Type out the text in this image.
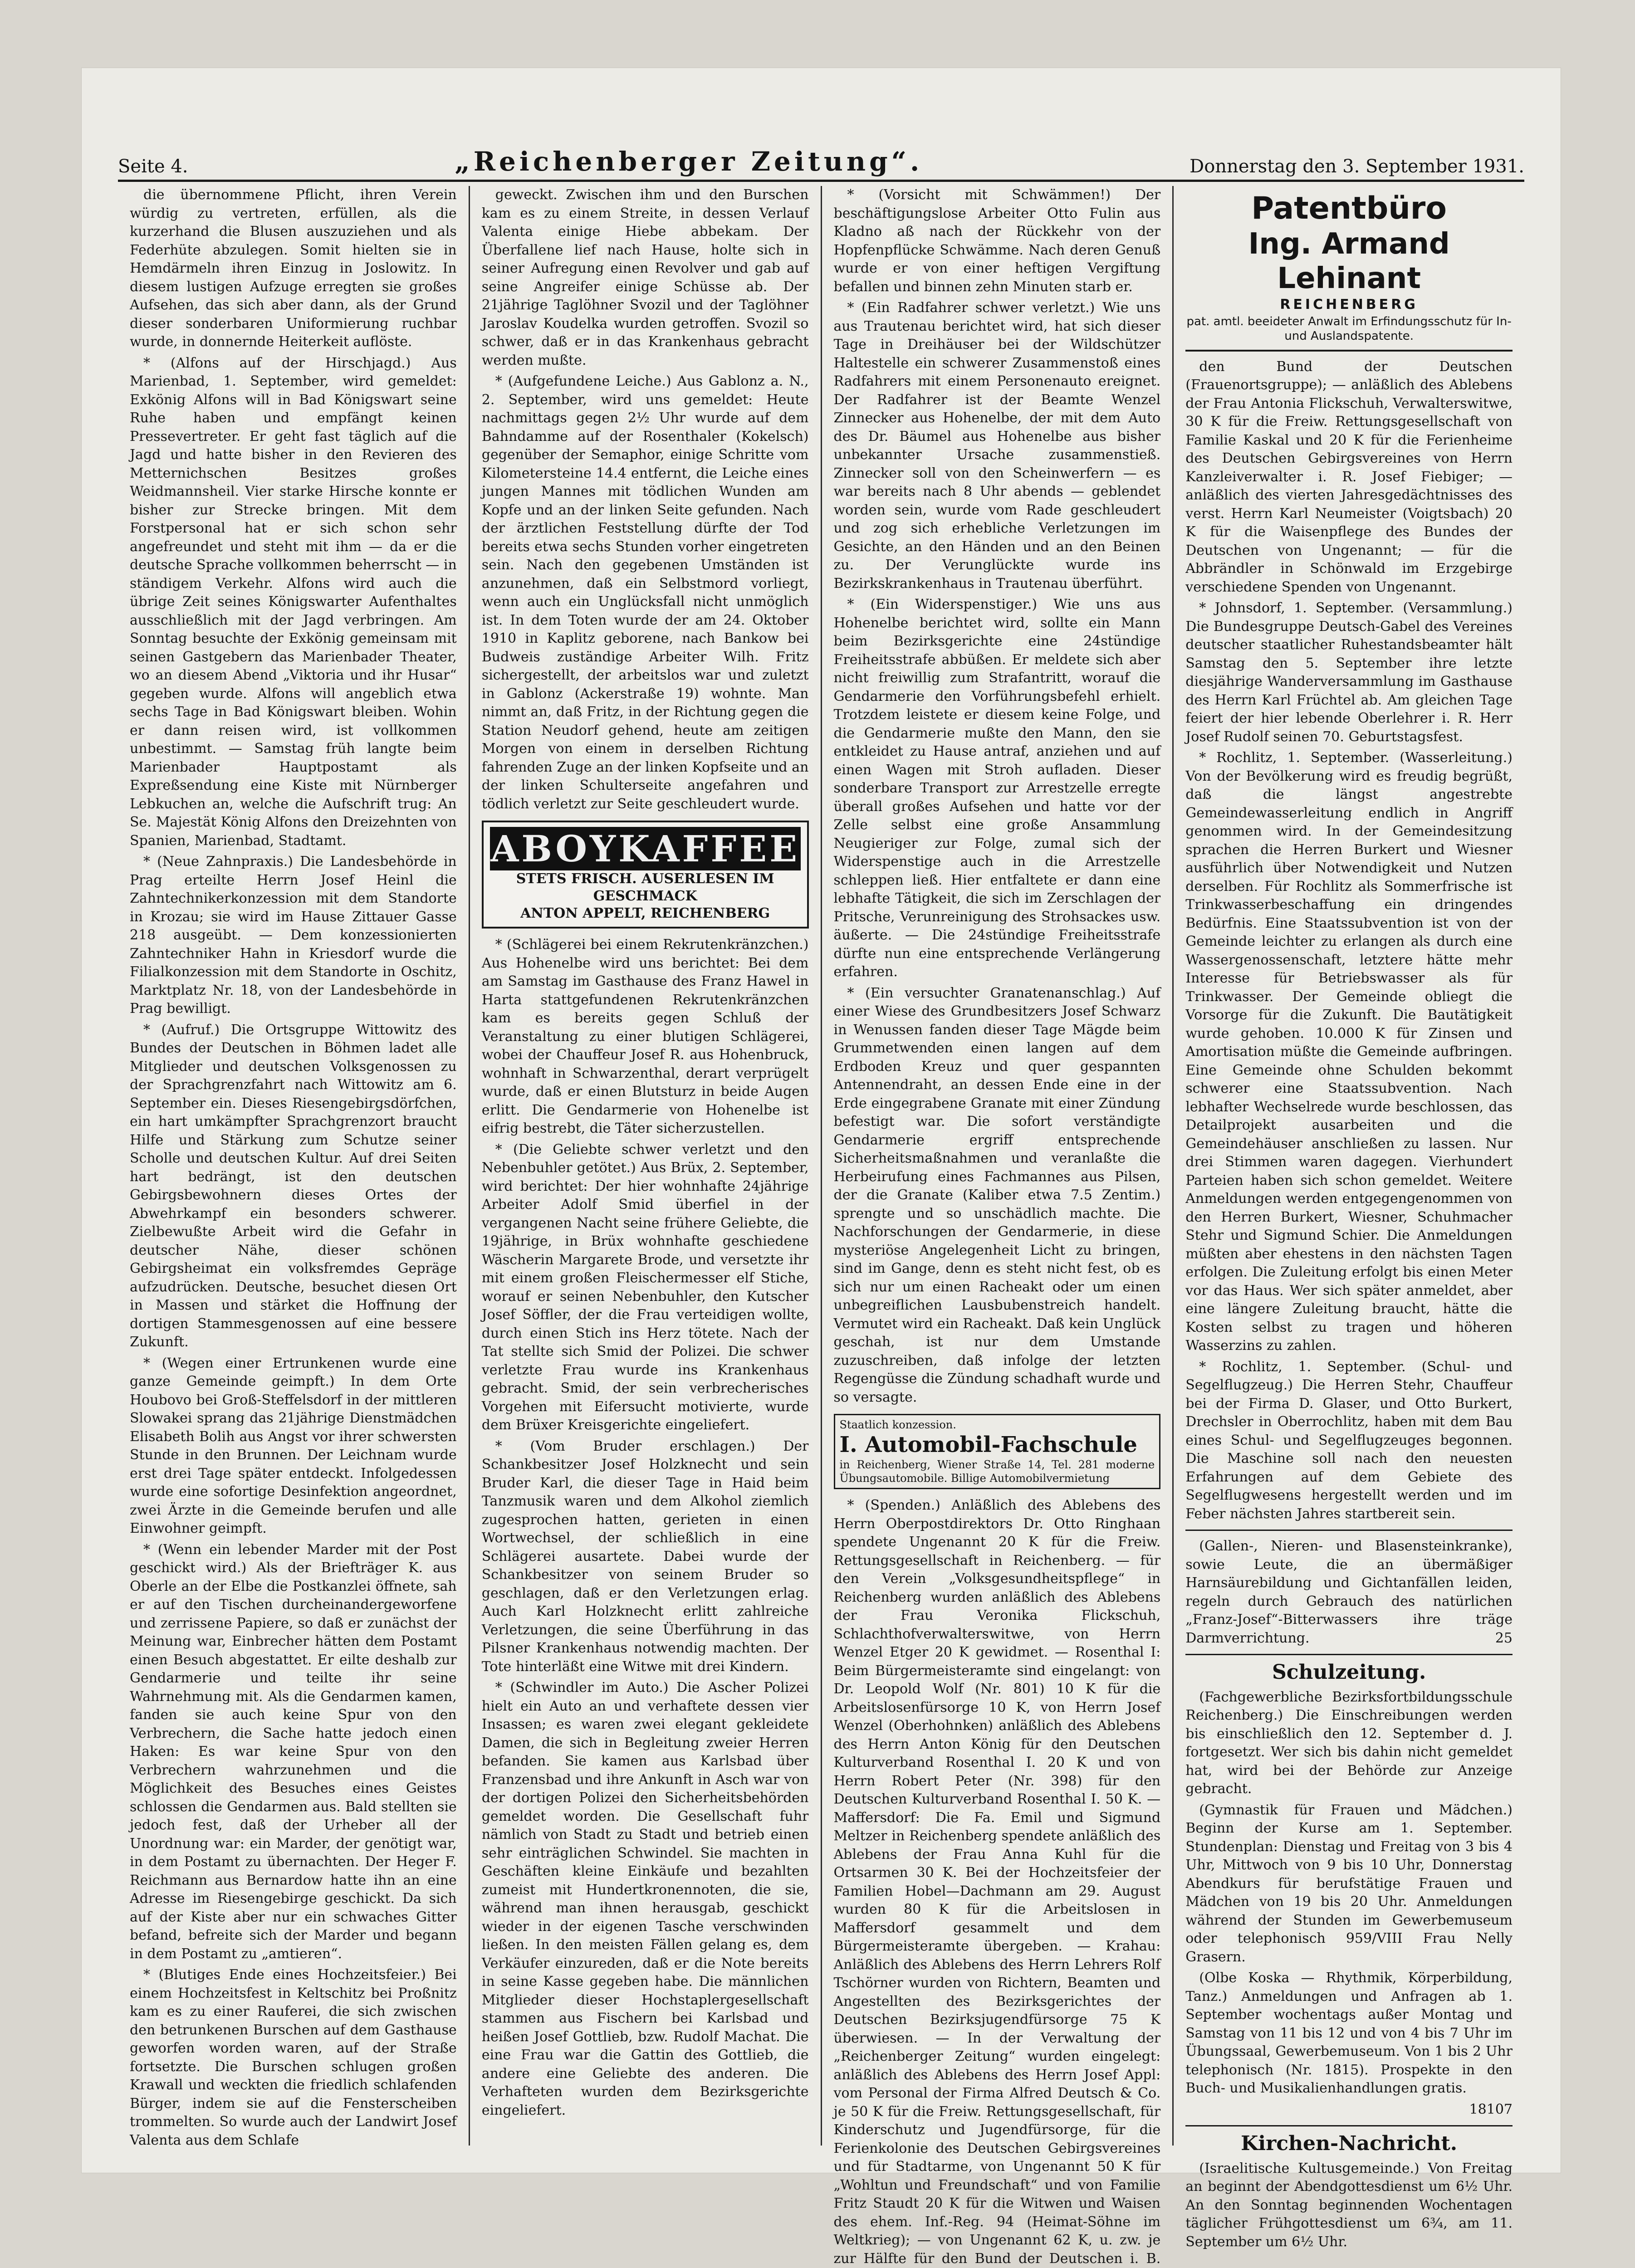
Seite 4.	„Reichenberger Zeitung“.	Donnerstag den 3. September 1931.

die übernommene Pflicht, ihren Verein würdig zu vertreten, erfüllen, als die kurzerhand die Blusen auszuziehen und als Federhüte abzulegen. Somit hielten sie in Hemdärmeln ihren Einzug in Joslowitz. In diesem lustigen Aufzuge erregten sie großes Aufsehen, das sich aber dann, als der Grund dieser sonderbaren Uniformierung ruchbar wurde, in donnernde Heiterkeit auflöste.

* (Alfons auf der Hirschjagd.) Aus Marienbad, 1. September, wird gemeldet: Exkönig Alfons will in Bad Königswart seine Ruhe haben und empfängt keinen Pressevertreter. Er geht fast täglich auf die Jagd und hatte bisher in den Revieren des Metternichschen Besitzes großes Weidmannsheil. Vier starke Hirsche konnte er bisher zur Strecke bringen. Mit dem Forstpersonal hat er sich schon sehr angefreundet und steht mit ihm — da er die deutsche Sprache vollkommen beherrscht — in ständigem Verkehr. Alfons wird auch die übrige Zeit seines Königswarter Aufenthaltes ausschließlich mit der Jagd verbringen. Am Sonntag besuchte der Exkönig gemeinsam mit seinen Gastgebern das Marienbader Theater, wo an diesem Abend „Viktoria und ihr Husar“ gegeben wurde. Alfons will angeblich etwa sechs Tage in Bad Königswart bleiben. Wohin er dann reisen wird, ist vollkommen unbestimmt. — Samstag früh langte beim Marienbader Hauptpostamt als Expreßsendung eine Kiste mit Nürnberger Lebkuchen an, welche die Aufschrift trug: An Se. Majestät König Alfons den Dreizehnten von Spanien, Marienbad, Stadtamt.

* (Neue Zahnpraxis.) Die Landesbehörde in Prag erteilte Herrn Josef Heinl die Zahntechnikerkonzession mit dem Standorte in Krozau; sie wird im Hause Zittauer Gasse 218 ausgeübt. — Dem konzessionierten Zahntechniker Hahn in Kriesdorf wurde die Filialkonzession mit dem Standorte in Oschitz, Marktplatz Nr. 18, von der Landesbehörde in Prag bewilligt.

* (Aufruf.) Die Ortsgruppe Wittowitz des Bundes der Deutschen in Böhmen ladet alle Mitglieder und deutschen Volksgenossen zu der Sprachgrenzfahrt nach Wittowitz am 6. September ein. Dieses Riesengebirgsdörfchen, ein hart umkämpfter Sprachgrenzort braucht Hilfe und Stärkung zum Schutze seiner Scholle und deutschen Kultur. Auf drei Seiten hart bedrängt, ist den deutschen Gebirgsbewohnern dieses Ortes der Abwehrkampf ein besonders schwerer. Zielbewußte Arbeit wird die Gefahr in deutscher Nähe, dieser schönen Gebirgsheimat ein volksfremdes Gepräge aufzudrücken. Deutsche, besuchet diesen Ort in Massen und stärket die Hoffnung der dortigen Stammesgenossen auf eine bessere Zukunft.

* (Wegen einer Ertrunkenen wurde eine ganze Gemeinde geimpft.) In dem Orte Houbovo bei Groß-Steffelsdorf in der mittleren Slowakei sprang das 21jährige Dienstmädchen Elisabeth Bolih aus Angst vor ihrer schwersten Stunde in den Brunnen. Der Leichnam wurde erst drei Tage später entdeckt. Infolgedessen wurde eine sofortige Desinfektion angeordnet, zwei Ärzte in die Gemeinde berufen und alle Einwohner geimpft.

* (Wenn ein lebender Marder mit der Post geschickt wird.) Als der Briefträger K. aus Oberle an der Elbe die Postkanzlei öffnete, sah er auf den Tischen durcheinandergeworfene und zerrissene Papiere, so daß er zunächst der Meinung war, Einbrecher hätten dem Postamt einen Besuch abgestattet. Er eilte deshalb zur Gendarmerie und teilte ihr seine Wahrnehmung mit. Als die Gendarmen kamen, fanden sie auch keine Spur von den Verbrechern, die Sache hatte jedoch einen Haken: Es war keine Spur von den Verbrechern wahrzunehmen und die Möglichkeit des Besuches eines Geistes schlossen die Gendarmen aus. Bald stellten sie jedoch fest, daß der Urheber all der Unordnung war: ein Marder, der genötigt war, in dem Postamt zu übernachten. Der Heger F. Reichmann aus Bernardow hatte ihn an eine Adresse im Riesengebirge geschickt. Da sich auf der Kiste aber nur ein schwaches Gitter befand, befreite sich der Marder und begann in dem Postamt zu „amtieren“.

* (Blutiges Ende eines Hochzeitsfeier.) Bei einem Hochzeitsfest in Keltschitz bei Proßnitz kam es zu einer Rauferei, die sich zwischen den betrunkenen Burschen auf dem Gasthause geworfen worden waren, auf der Straße fortsetzte. Die Burschen schlugen großen Krawall und weckten die friedlich schlafenden Bürger, indem sie auf die Fensterscheiben trommelten. So wurde auch der Landwirt Josef Valenta aus dem Schlafe

geweckt. Zwischen ihm und den Burschen kam es zu einem Streite, in dessen Verlauf Valenta einige Hiebe abbekam. Der Überfallene lief nach Hause, holte sich in seiner Aufregung einen Revolver und gab auf seine Angreifer einige Schüsse ab. Der 21jährige Taglöhner Svozil und der Taglöhner Jaroslav Koudelka wurden getroffen. Svozil so schwer, daß er in das Krankenhaus gebracht werden mußte.

* (Aufgefundene Leiche.) Aus Gablonz a. N., 2. September, wird uns gemeldet: Heute nachmittags gegen 2½ Uhr wurde auf dem Bahndamme auf der Rosenthaler (Kokelsch) gegenüber der Semaphor, einige Schritte vom Kilometersteine 14.4 entfernt, die Leiche eines jungen Mannes mit tödlichen Wunden am Kopfe und an der linken Seite gefunden. Nach der ärztlichen Feststellung dürfte der Tod bereits etwa sechs Stunden vorher eingetreten sein. Nach den gegebenen Umständen ist anzunehmen, daß ein Selbstmord vorliegt, wenn auch ein Unglücksfall nicht unmöglich ist. In dem Toten wurde der am 24. Oktober 1910 in Kaplitz geborene, nach Bankow bei Budweis zuständige Arbeiter Wilh. Fritz sichergestellt, der arbeitslos war und zuletzt in Gablonz (Ackerstraße 19) wohnte. Man nimmt an, daß Fritz, in der Richtung gegen die Station Neudorf gehend, heute am zeitigen Morgen von einem in derselben Richtung fahrenden Zuge an der linken Kopfseite und an der linken Schulterseite angefahren und tödlich verletzt zur Seite geschleudert wurde.

ABOYKAFFEE
STETS FRISCH. AUSERLESEN IM GESCHMACK
ANTON APPELT, REICHENBERG

* (Schlägerei bei einem Rekrutenkränzchen.) Aus Hohenelbe wird uns berichtet: Bei dem am Samstag im Gasthause des Franz Hawel in Harta stattgefundenen Rekrutenkränzchen kam es bereits gegen Schluß der Veranstaltung zu einer blutigen Schlägerei, wobei der Chauffeur Josef R. aus Hohenbruck, wohnhaft in Schwarzenthal, derart verprügelt wurde, daß er einen Blutsturz in beide Augen erlitt. Die Gendarmerie von Hohenelbe ist eifrig bestrebt, die Täter sicherzustellen.

* (Die Geliebte schwer verletzt und den Nebenbuhler getötet.) Aus Brüx, 2. September, wird berichtet: Der hier wohnhafte 24jährige Arbeiter Adolf Smid überfiel in der vergangenen Nacht seine frühere Geliebte, die 19jährige, in Brüx wohnhafte geschiedene Wäscherin Margarete Brode, und versetzte ihr mit einem großen Fleischermesser elf Stiche, worauf er seinen Nebenbuhler, den Kutscher Josef Söffler, der die Frau verteidigen wollte, durch einen Stich ins Herz tötete. Nach der Tat stellte sich Smid der Polizei. Die schwer verletzte Frau wurde ins Krankenhaus gebracht. Smid, der sein verbrecherisches Vorgehen mit Eifersucht motivierte, wurde dem Brüxer Kreisgerichte eingeliefert.

* (Vom Bruder erschlagen.) Der Schankbesitzer Josef Holzknecht und sein Bruder Karl, die dieser Tage in Haid beim Tanzmusik waren und dem Alkohol ziemlich zugesprochen hatten, gerieten in einen Wortwechsel, der schließlich in eine Schlägerei ausartete. Dabei wurde der Schankbesitzer von seinem Bruder so geschlagen, daß er den Verletzungen erlag. Auch Karl Holzknecht erlitt zahlreiche Verletzungen, die seine Überführung in das Pilsner Krankenhaus notwendig machten. Der Tote hinterläßt eine Witwe mit drei Kindern.

* (Schwindler im Auto.) Die Ascher Polizei hielt ein Auto an und verhaftete dessen vier Insassen; es waren zwei elegant gekleidete Damen, die sich in Begleitung zweier Herren befanden. Sie kamen aus Karlsbad über Franzensbad und ihre Ankunft in Asch war von der dortigen Polizei den Sicherheitsbehörden gemeldet worden. Die Gesellschaft fuhr nämlich von Stadt zu Stadt und betrieb einen sehr einträglichen Schwindel. Sie machten in Geschäften kleine Einkäufe und bezahlten zumeist mit Hundertkronennoten, die sie, während man ihnen herausgab, geschickt wieder in der eigenen Tasche verschwinden ließen. In den meisten Fällen gelang es, dem Verkäufer einzureden, daß er die Note bereits in seine Kasse gegeben habe. Die männlichen Mitglieder dieser Hochstaplergesellschaft stammen aus Fischern bei Karlsbad und heißen Josef Gottlieb, bzw. Rudolf Machat. Die eine Frau war die Gattin des Gottlieb, die andere eine Geliebte des anderen. Die Verhafteten wurden dem Bezirksgerichte eingeliefert.

* (Vorsicht mit Schwämmen!) Der beschäftigungslose Arbeiter Otto Fulin aus Kladno aß nach der Rückkehr von der Hopfenpflücke Schwämme. Nach deren Genuß wurde er von einer heftigen Vergiftung befallen und binnen zehn Minuten starb er.

* (Ein Radfahrer schwer verletzt.) Wie uns aus Trautenau berichtet wird, hat sich dieser Tage in Dreihäuser bei der Wildschützer Haltestelle ein schwerer Zusammenstoß eines Radfahrers mit einem Personenauto ereignet. Der Radfahrer ist der Beamte Wenzel Zinnecker aus Hohenelbe, der mit dem Auto des Dr. Bäumel aus Hohenelbe aus bisher unbekannter Ursache zusammenstieß. Zinnecker soll von den Scheinwerfern — es war bereits nach 8 Uhr abends — geblendet worden sein, wurde vom Rade geschleudert und zog sich erhebliche Verletzungen im Gesichte, an den Händen und an den Beinen zu. Der Verunglückte wurde ins Bezirkskrankenhaus in Trautenau überführt.

* (Ein Widerspenstiger.) Wie uns aus Hohenelbe berichtet wird, sollte ein Mann beim Bezirksgerichte eine 24stündige Freiheitsstrafe abbüßen. Er meldete sich aber nicht freiwillig zum Strafantritt, worauf die Gendarmerie den Vorführungsbefehl erhielt. Trotzdem leistete er diesem keine Folge, und die Gendarmerie mußte den Mann, den sie entkleidet zu Hause antraf, anziehen und auf einen Wagen mit Stroh aufladen. Dieser sonderbare Transport zur Arrestzelle erregte überall großes Aufsehen und hatte vor der Zelle selbst eine große Ansammlung Neugieriger zur Folge, zumal sich der Widerspenstige auch in die Arrestzelle schleppen ließ. Hier entfaltete er dann eine lebhafte Tätigkeit, die sich im Zerschlagen der Pritsche, Verunreinigung des Strohsackes usw. äußerte. — Die 24stündige Freiheitsstrafe dürfte nun eine entsprechende Verlängerung erfahren.

* (Ein versuchter Granatenanschlag.) Auf einer Wiese des Grundbesitzers Josef Schwarz in Wenussen fanden dieser Tage Mägde beim Grummetwenden einen langen auf dem Erdboden Kreuz und quer gespannten Antennendraht, an dessen Ende eine in der Erde eingegrabene Granate mit einer Zündung befestigt war. Die sofort verständigte Gendarmerie ergriff entsprechende Sicherheitsmaßnahmen und veranlaßte die Herbeirufung eines Fachmannes aus Pilsen, der die Granate (Kaliber etwa 7.5 Zentim.) sprengte und so unschädlich machte. Die Nachforschungen der Gendarmerie, in diese mysteriöse Angelegenheit Licht zu bringen, sind im Gange, denn es steht nicht fest, ob es sich nur um einen Racheakt oder um einen unbegreiflichen Lausbubenstreich handelt. Vermutet wird ein Racheakt. Daß kein Unglück geschah, ist nur dem Umstande zuzuschreiben, daß infolge der letzten Regengüsse die Zündung schadhaft wurde und so versagte.

Staatlich konzession.
I. Automobil-Fachschule
in Reichenberg, Wiener Straße 14, Tel. 281 moderne Übungsautomobile. Billige Automobilvermietung

* (Spenden.) Anläßlich des Ablebens des Herrn Oberpostdirektors Dr. Otto Ringhaan spendete Ungenannt 20 K für die Freiw. Rettungsgesellschaft in Reichenberg. — für den Verein „Volksgesundheitspflege“ in Reichenberg wurden anläßlich des Ablebens der Frau Veronika Flickschuh, Schlachthofverwalterswitwe, von Herrn Wenzel Etger 20 K gewidmet. — Rosenthal I: Beim Bürgermeisteramte sind eingelangt: von Dr. Leopold Wolf (Nr. 801) 10 K für die Arbeitslosenfürsorge 10 K, von Herrn Josef Wenzel (Oberhohnken) anläßlich des Ablebens des Herrn Anton König für den Deutschen Kulturverband Rosenthal I. 20 K und von Herrn Robert Peter (Nr. 398) für den Deutschen Kulturverband Rosenthal I. 50 K. — Maffersdorf: Die Fa. Emil und Sigmund Meltzer in Reichenberg spendete anläßlich des Ablebens der Frau Anna Kuhl für die Ortsarmen 30 K. Bei der Hochzeitsfeier der Familien Hobel—Dachmann am 29. August wurden 80 K für die Arbeitslosen in Maffersdorf gesammelt und dem Bürgermeisteramte übergeben. — Krahau: Anläßlich des Ablebens des Herrn Lehrers Rolf Tschörner wurden von Richtern, Beamten und Angestellten des Bezirksgerichtes der Deutschen Bezirksjugendfürsorge 75 K überwiesen. — In der Verwaltung der „Reichenberger Zeitung“ wurden eingelegt: anläßlich des Ablebens des Herrn Josef Appl: vom Personal der Firma Alfred Deutsch & Co. je 50 K für die Freiw. Rettungsgesellschaft, für Kinderschutz und Jugendfürsorge, für die Ferienkolonie des Deutschen Gebirgsvereines und für Stadtarme, von Ungenannt 50 K für „Wohltun und Freundschaft“ und von Familie Fritz Staudt 20 K für die Witwen und Waisen des ehem. Inf.-Reg. 94 (Heimat-Söhne im Weltkrieg); — von Ungenannt 62 K, u. zw. je zur Hälfte für den Bund der Deutschen i. B.

Patentbüro
Ing. Armand Lehinant
REICHENBERG
pat. amtl. beeideter Anwalt im Erfindungsschutz für In- und Auslandspatente.

den Bund der Deutschen (Frauenortsgruppe); — anläßlich des Ablebens der Frau Antonia Flickschuh, Verwalterswitwe, 30 K für die Freiw. Rettungsgesellschaft von Familie Kaskal und 20 K für die Ferienheime des Deutschen Gebirgsvereines von Herrn Kanzleiverwalter i. R. Josef Fiebiger; — anläßlich des vierten Jahresgedächtnisses des verst. Herrn Karl Neumeister (Voigtsbach) 20 K für die Waisenpflege des Bundes der Deutschen von Ungenannt; — für die Abbrändler in Schönwald im Erzgebirge verschiedene Spenden von Ungenannt.

* Johnsdorf, 1. September. (Versammlung.) Die Bundesgruppe Deutsch-Gabel des Vereines deutscher staatlicher Ruhestandsbeamter hält Samstag den 5. September ihre letzte diesjährige Wanderversammlung im Gasthause des Herrn Karl Früchtel ab. Am gleichen Tage feiert der hier lebende Oberlehrer i. R. Herr Josef Rudolf seinen 70. Geburtstagsfest.

* Rochlitz, 1. September. (Wasserleitung.) Von der Bevölkerung wird es freudig begrüßt, daß die längst angestrebte Gemeindewasserleitung endlich in Angriff genommen wird. In der Gemeindesitzung sprachen die Herren Burkert und Wiesner ausführlich über Notwendigkeit und Nutzen derselben. Für Rochlitz als Sommerfrische ist Trinkwasserbeschaffung ein dringendes Bedürfnis. Eine Staatssubvention ist von der Gemeinde leichter zu erlangen als durch eine Wassergenossenschaft, letztere hätte mehr Interesse für Betriebswasser als für Trinkwasser. Der Gemeinde obliegt die Vorsorge für die Zukunft. Die Bautätigkeit wurde gehoben. 10.000 K für Zinsen und Amortisation müßte die Gemeinde aufbringen. Eine Gemeinde ohne Schulden bekommt schwerer eine Staatssubvention. Nach lebhafter Wechselrede wurde beschlossen, das Detailprojekt ausarbeiten und die Gemeindehäuser anschließen zu lassen. Nur drei Stimmen waren dagegen. Vierhundert Parteien haben sich schon gemeldet. Weitere Anmeldungen werden entgegengenommen von den Herren Burkert, Wiesner, Schuhmacher Stehr und Sigmund Schier. Die Anmeldungen müßten aber ehestens in den nächsten Tagen erfolgen. Die Zuleitung erfolgt bis einen Meter vor das Haus. Wer sich später anmeldet, aber eine längere Zuleitung braucht, hätte die Kosten selbst zu tragen und höheren Wasserzins zu zahlen.

* Rochlitz, 1. September. (Schul- und Segelflugzeug.) Die Herren Stehr, Chauffeur bei der Firma D. Glaser, und Otto Burkert, Drechsler in Oberrochlitz, haben mit dem Bau eines Schul- und Segelflugzeuges begonnen. Die Maschine soll nach den neuesten Erfahrungen auf dem Gebiete des Segelflugwesens hergestellt werden und im Feber nächsten Jahres startbereit sein.

(Gallen-, Nieren- und Blasensteinkranke), sowie Leute, die an übermäßiger Harnsäurebildung und Gichtanfällen leiden, regeln durch Gebrauch des natürlichen „Franz-Josef“-Bitterwassers ihre träge Darmverrichtung.	25

Schulzeitung.

(Fachgewerbliche Bezirksfortbildungsschule Reichenberg.) Die Einschreibungen werden bis einschließlich den 12. September d. J. fortgesetzt. Wer sich bis dahin nicht gemeldet hat, wird bei der Behörde zur Anzeige gebracht.

(Gymnastik für Frauen und Mädchen.) Beginn der Kurse am 1. September. Stundenplan: Dienstag und Freitag von 3 bis 4 Uhr, Mittwoch von 9 bis 10 Uhr, Donnerstag Abendkurs für berufstätige Frauen und Mädchen von 19 bis 20 Uhr. Anmeldungen während der Stunden im Gewerbemuseum oder telephonisch 959/VIII Frau Nelly Grasern.

(Olbe Koska — Rhythmik, Körperbildung, Tanz.) Anmeldungen und Anfragen ab 1. September wochentags außer Montag und Samstag von 11 bis 12 und von 4 bis 7 Uhr im Übungssaal, Gewerbemuseum. Von 1 bis 2 Uhr telephonisch (Nr. 1815). Prospekte in den Buch- und Musikalienhandlungen gratis.

18107

Kirchen-Nachricht.

(Israelitische Kultusgemeinde.) Von Freitag an beginnt der Abendgottesdienst um 6½ Uhr. An den Sonntag beginnenden Wochentagen täglicher Frühgottesdienst um 6¾, am 11. September um 6½ Uhr.
